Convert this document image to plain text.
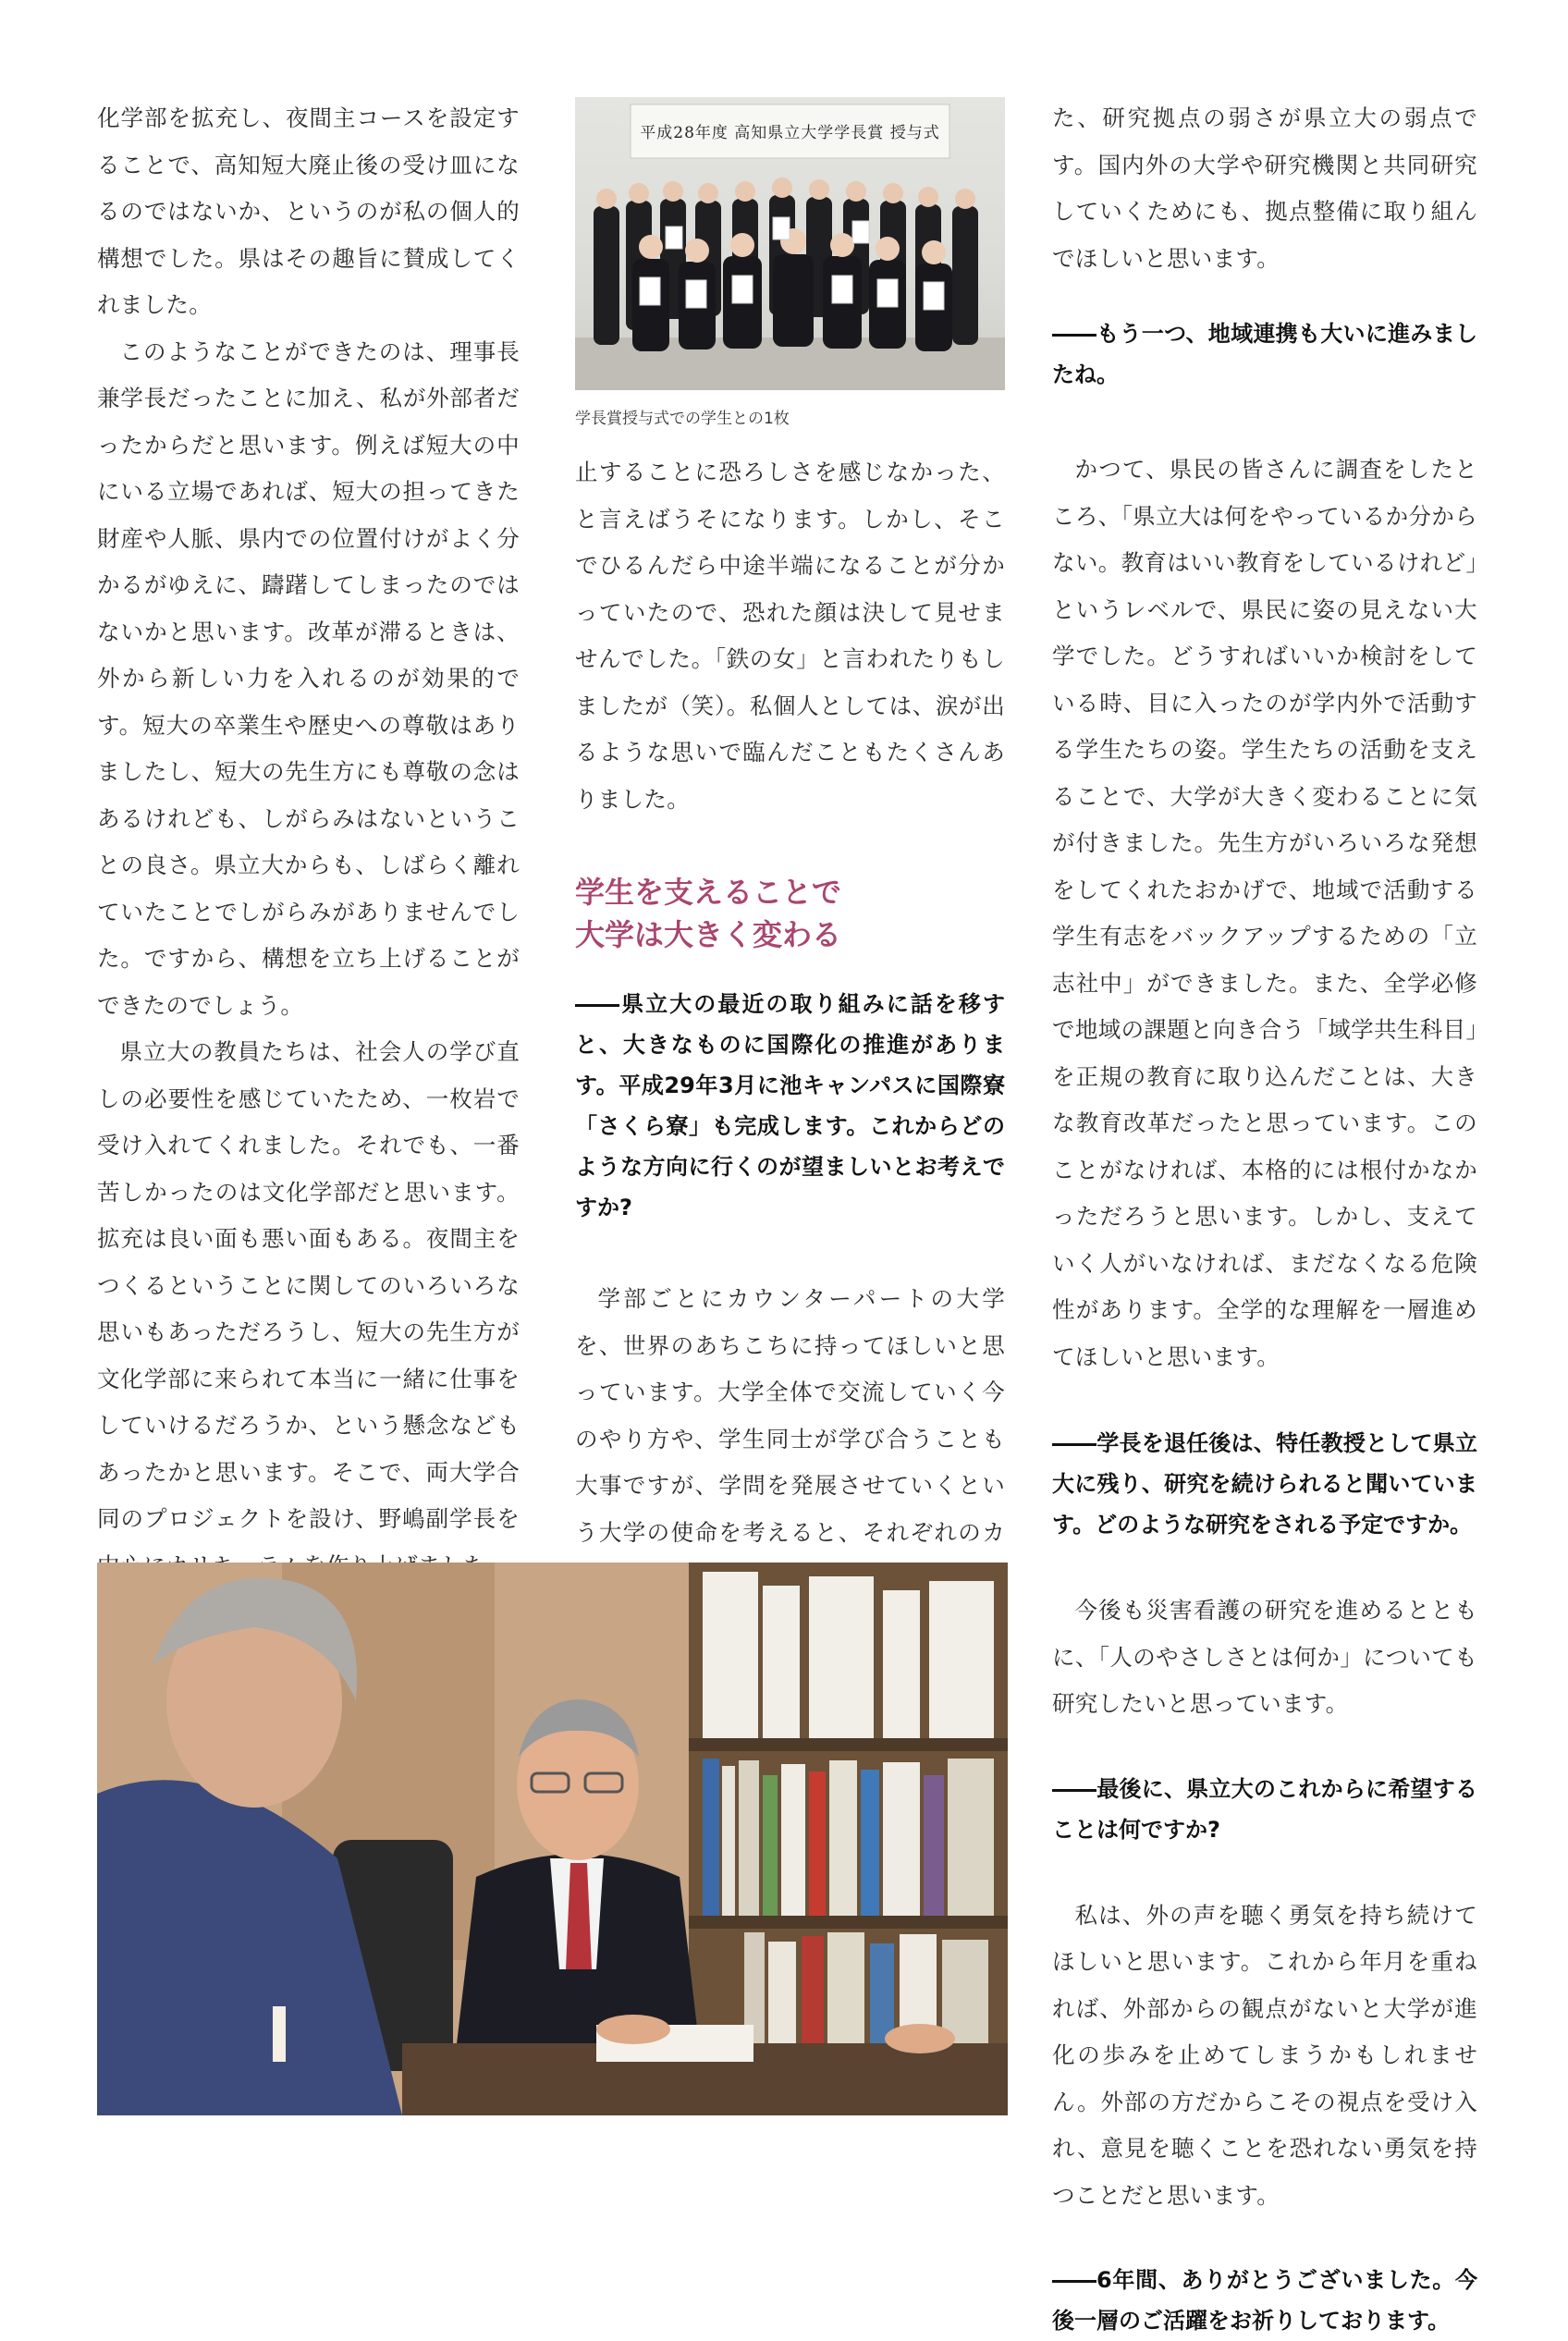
化学部を拡充し、夜間主コースを設定することで、高知短大廃止後の受け皿になるのではないか、というのが私の個人的構想でした。県はその趣旨に賛成してくれました。

このようなことができたのは、理事長兼学長だったことに加え、私が外部者だったからだと思います。例えば短大の中にいる立場であれば、短大の担ってきた財産や人脈、県内での位置付けがよく分かるがゆえに、躊躇してしまったのではないかと思います。改革が滞るときは、外から新しい力を入れるのが効果的です。短大の卒業生や歴史への尊敬はありましたし、短大の先生方にも尊敬の念はあるけれども、しがらみはないということの良さ。県立大からも、しばらく離れていたことでしがらみがありませんでした。ですから、構想を立ち上げることができたのでしょう。

県立大の教員たちは、社会人の学び直しの必要性を感じていたため、一枚岩で受け入れてくれました。それでも、一番苦しかったのは文化学部だと思います。拡充は良い面も悪い面もある。夜間主をつくるということに関してのいろいろな思いもあっただろうし、短大の先生方が文化学部に来られて本当に一緒に仕事をしていけるだろうか、という懸念などもあったかと思います。そこで、両大学合同のプロジェクトを設け、野嶋副学長を

平成28年度 高知県立大学学長賞 授与式
学長賞授与式での学生との1枚

止することに恐ろしさを感じなかった、と言えばうそになります。しかし、そこでひるんだら中途半端になることが分かっていたので、恐れた顔は決して見せませんでした。「鉄の女」と言われたりもしましたが（笑）。私個人としては、涙が出るような思いで臨んだこともたくさんありました。

学生を支えることで

大学は大きく変わる

――県立大の最近の取り組みに話を移すと、大きなものに国際化の推進があります。平成29年3月に池キャンパスに国際寮「さくら寮」も完成します。これからどのような方向に行くのが望ましいとお考えですか?

学部ごとにカウンターパートの大学を、世界のあちこちに持ってほしいと思っています。大学全体で交流していく今のやり方や、学生同士が学び合うことも大事ですが、学問を発展させていくという大学の使命を考えると、それぞれのカ

た、研究拠点の弱さが県立大の弱点です。国内外の大学や研究機関と共同研究していくためにも、拠点整備に取り組んでほしいと思います。

――もう一つ、地域連携も大いに進みましたね。

かつて、県民の皆さんに調査をしたところ、「県立大は何をやっているか分からない。教育はいい教育をしているけれど」というレベルで、県民に姿の見えない大学でした。どうすればいいか検討をしている時、目に入ったのが学内外で活動する学生たちの姿。学生たちの活動を支えることで、大学が大きく変わることに気が付きました。先生方がいろいろな発想をしてくれたおかげで、地域で活動する学生有志をバックアップするための「立志社中」ができました。また、全学必修で地域の課題と向き合う「域学共生科目」を正規の教育に取り込んだことは、大きな教育改革だったと思っています。このことがなければ、本格的には根付かなかっただろうと思います。しかし、支えていく人がいなければ、まだなくなる危険性があります。全学的な理解を一層進めてほしいと思います。

――学長を退任後は、特任教授として県立大に残り、研究を続けられると聞いています。どのような研究をされる予定ですか。

今後も災害看護の研究を進めるとともに、「人のやさしさとは何か」についても研究したいと思っています。

――最後に、県立大のこれからに希望することは何ですか?

私は、外の声を聴く勇気を持ち続けてほしいと思います。これから年月を重ねれば、外部からの観点がないと大学が進化の歩みを止めてしまうかもしれません。外部の方だからこその視点を受け入れ、意見を聴くことを恐れない勇気を持つことだと思います。

――6年間、ありがとうございました。今後一層のご活躍をお祈りしております。
